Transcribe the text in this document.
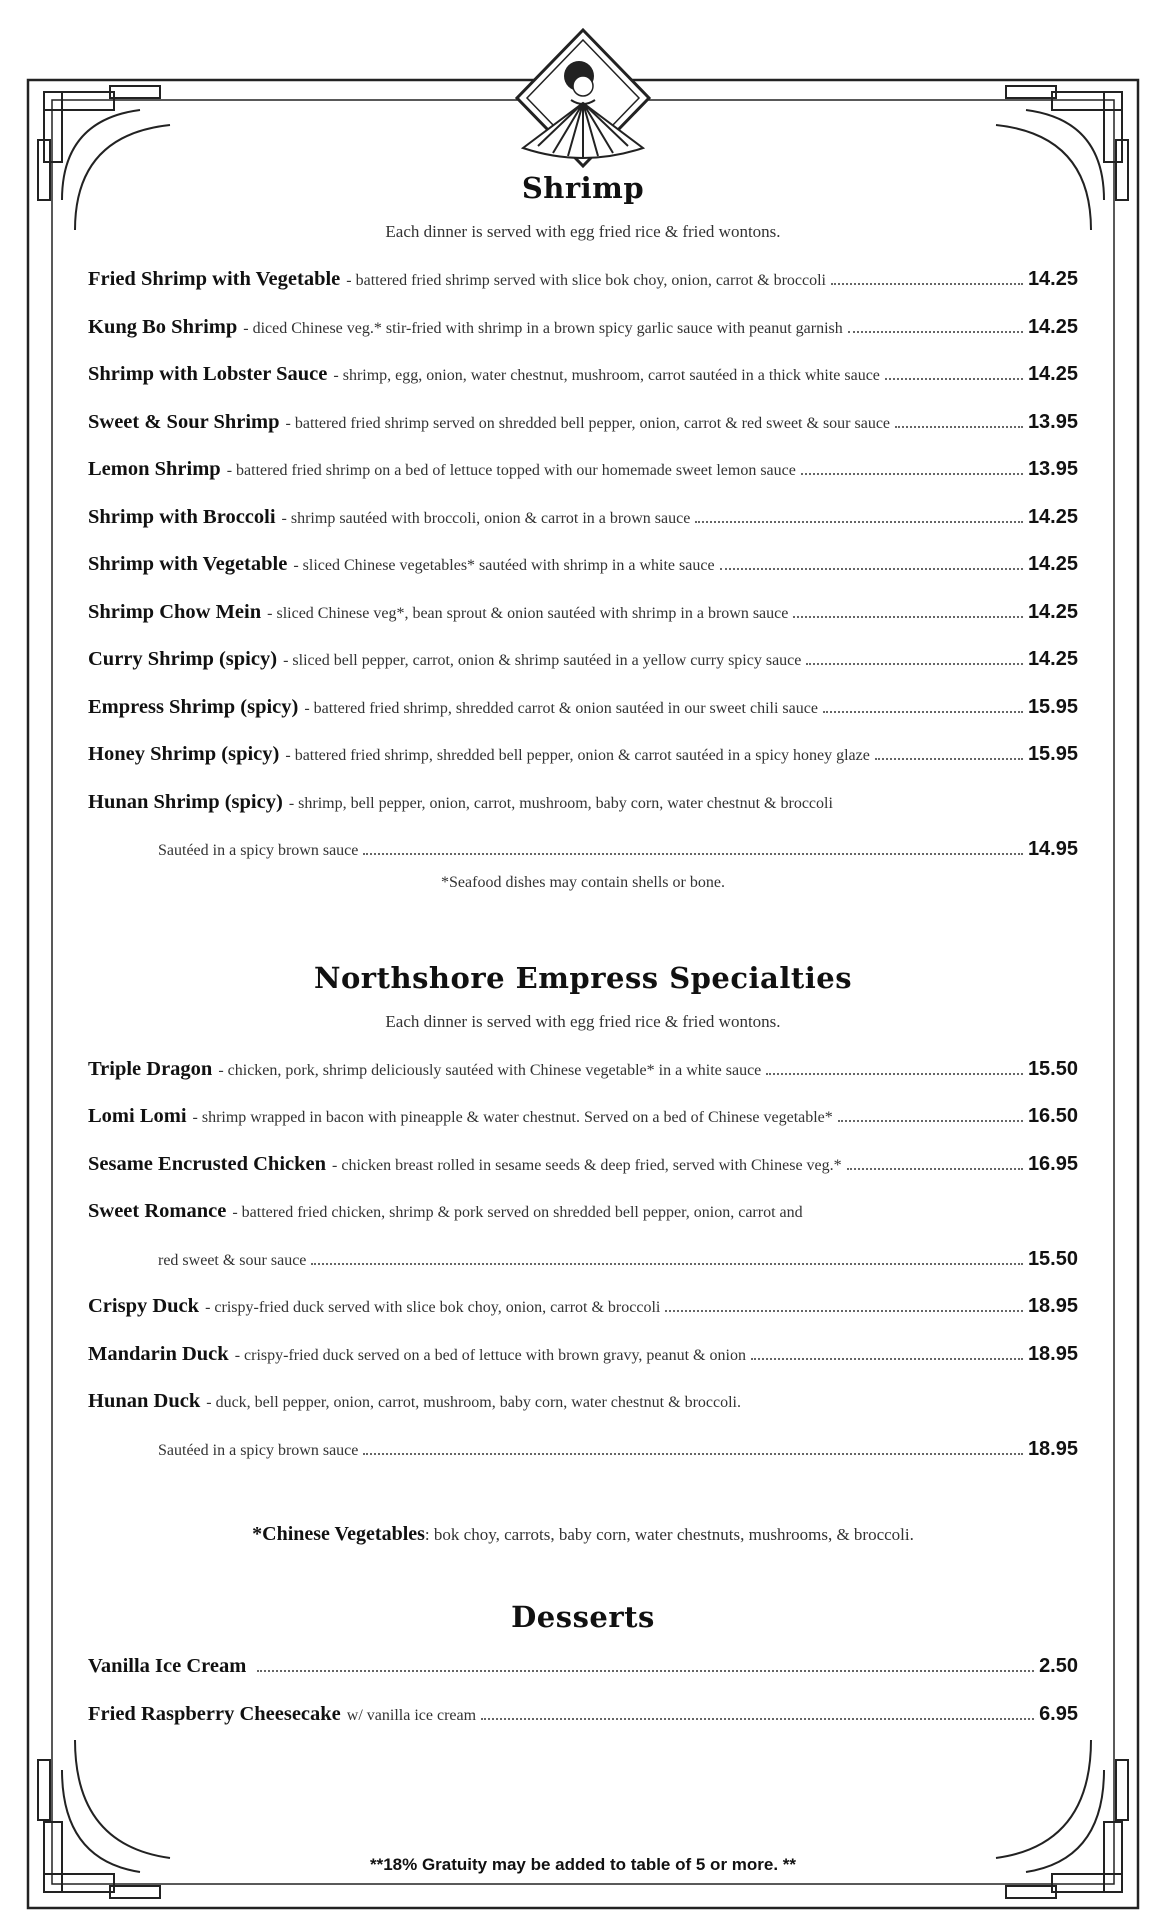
Shrimp

Each dinner is served with egg fried rice & fried wontons.

Fried Shrimp with Vegetable - battered fried shrimp served with slice bok choy, onion, carrot & broccoli	14.25
Kung Bo Shrimp - diced Chinese veg.* stir-fried with shrimp in a brown spicy garlic sauce with peanut garnish	14.25
Shrimp with Lobster Sauce - shrimp, egg, onion, water chestnut, mushroom, carrot sautéed in a thick white sauce	14.25
Sweet & Sour Shrimp - battered fried shrimp served on shredded bell pepper, onion, carrot & red sweet & sour sauce	13.95
Lemon Shrimp - battered fried shrimp on a bed of lettuce topped with our homemade sweet lemon sauce	13.95
Shrimp with Broccoli - shrimp sautéed with broccoli, onion & carrot in a brown sauce	14.25
Shrimp with Vegetable - sliced Chinese vegetables* sautéed with shrimp in a white sauce	14.25
Shrimp Chow Mein - sliced Chinese veg*, bean sprout & onion sautéed with shrimp in a brown sauce	14.25
Curry Shrimp (spicy) - sliced bell pepper, carrot, onion & shrimp sautéed in a yellow curry spicy sauce	14.25
Empress Shrimp (spicy) - battered fried shrimp, shredded carrot & onion sautéed in our sweet chili sauce	15.95
Honey Shrimp (spicy) - battered fried shrimp, shredded bell pepper, onion & carrot sautéed in a spicy honey glaze	15.95
Hunan Shrimp (spicy) - shrimp, bell pepper, onion, carrot, mushroom, baby corn, water chestnut & broccoli
Sautéed in a spicy brown sauce	14.95

*Seafood dishes may contain shells or bone.

Northshore Empress Specialties

Each dinner is served with egg fried rice & fried wontons.

Triple Dragon - chicken, pork, shrimp deliciously sautéed with Chinese vegetable* in a white sauce	15.50
Lomi Lomi - shrimp wrapped in bacon with pineapple & water chestnut. Served on a bed of Chinese vegetable*	16.50
Sesame Encrusted Chicken - chicken breast rolled in sesame seeds & deep fried, served with Chinese veg.*	16.95
Sweet Romance - battered fried chicken, shrimp & pork served on shredded bell pepper, onion, carrot and
red sweet & sour sauce	15.50
Crispy Duck - crispy-fried duck served with slice bok choy, onion, carrot & broccoli	18.95
Mandarin Duck - crispy-fried duck served on a bed of lettuce with brown gravy, peanut & onion	18.95
Hunan Duck - duck, bell pepper, onion, carrot, mushroom, baby corn, water chestnut & broccoli.
Sautéed in a spicy brown sauce	18.95

*Chinese Vegetables: bok choy, carrots, baby corn, water chestnuts, mushrooms, & broccoli.

Desserts
Vanilla Ice Cream	2.50
Fried Raspberry Cheesecake w/ vanilla ice cream	6.95
**18% Gratuity may be added to table of 5 or more. **
